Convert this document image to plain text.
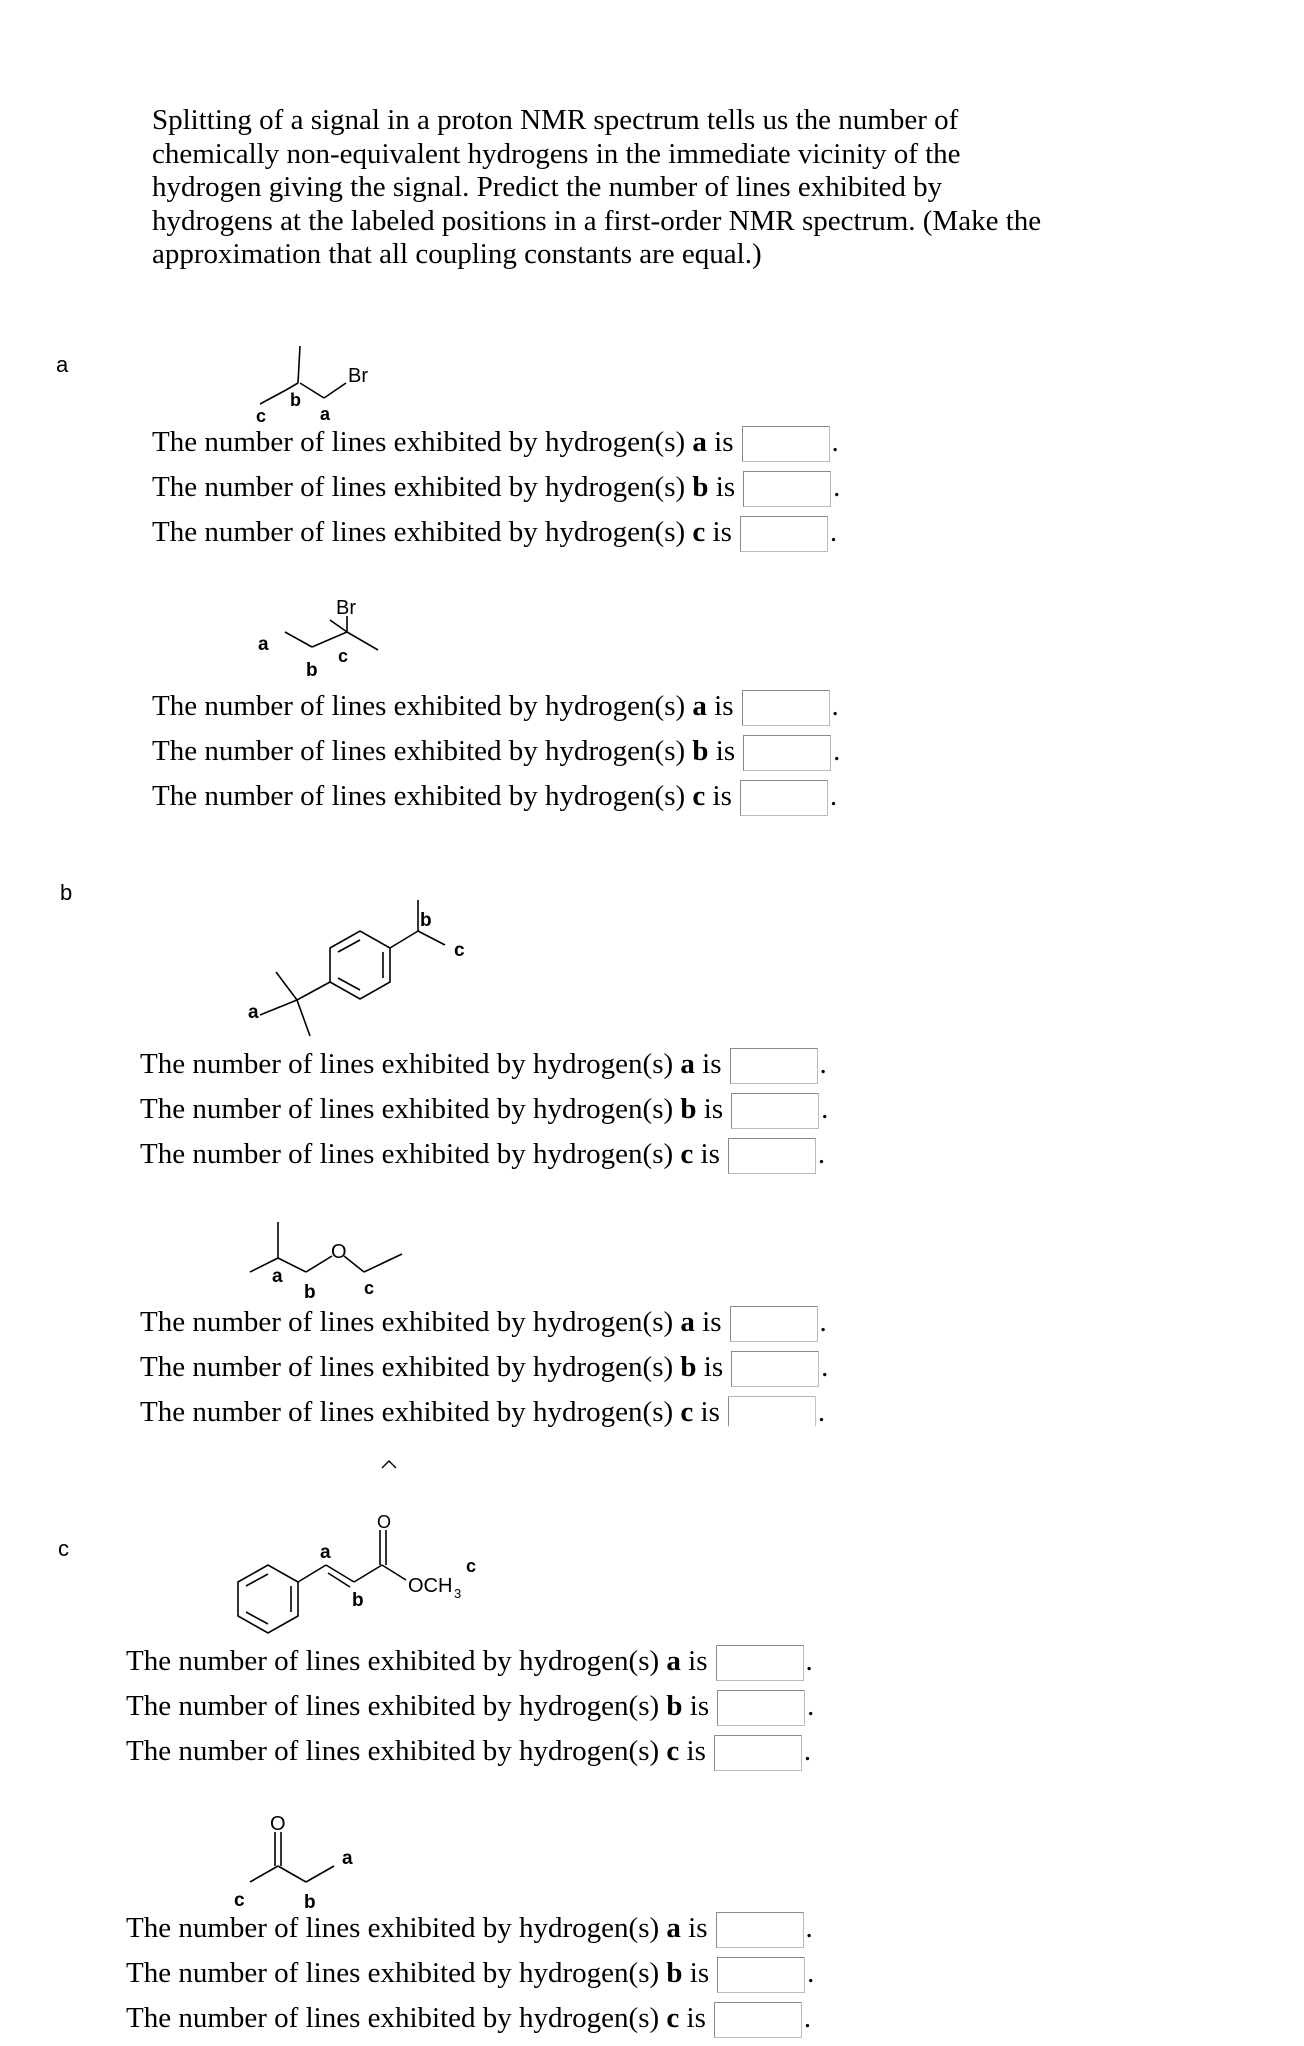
Splitting of a signal in a proton NMR spectrum tells us the number of chemically non-equivalent hydrogens in the immediate vicinity of the hydrogen giving the signal. Predict the number of lines exhibited by hydrogens at the labeled positions in a first-order NMR spectrum. (Make the approximation that all coupling constants are equal.)
a
b
c
Br
c
b
a
Br
a
b
c
a
b
c
O
a
b	c
O
OCH 3
a
b
c
O
a
b
c
The number of lines exhibited by hydrogen(s) a is	.
The number of lines exhibited by hydrogen(s) b is	.
The number of lines exhibited by hydrogen(s) c is	.
The number of lines exhibited by hydrogen(s) a is	.
The number of lines exhibited by hydrogen(s) b is	.
The number of lines exhibited by hydrogen(s) c is	.
The number of lines exhibited by hydrogen(s) a is	.
The number of lines exhibited by hydrogen(s) b is	.
The number of lines exhibited by hydrogen(s) c is	.
The number of lines exhibited by hydrogen(s) a is	.
The number of lines exhibited by hydrogen(s) b is	.
The number of lines exhibited by hydrogen(s) c is	.
The number of lines exhibited by hydrogen(s) a is	.
The number of lines exhibited by hydrogen(s) b is	.
The number of lines exhibited by hydrogen(s) c is	.
The number of lines exhibited by hydrogen(s) a is	.
The number of lines exhibited by hydrogen(s) b is	.
The number of lines exhibited by hydrogen(s) c is	.
